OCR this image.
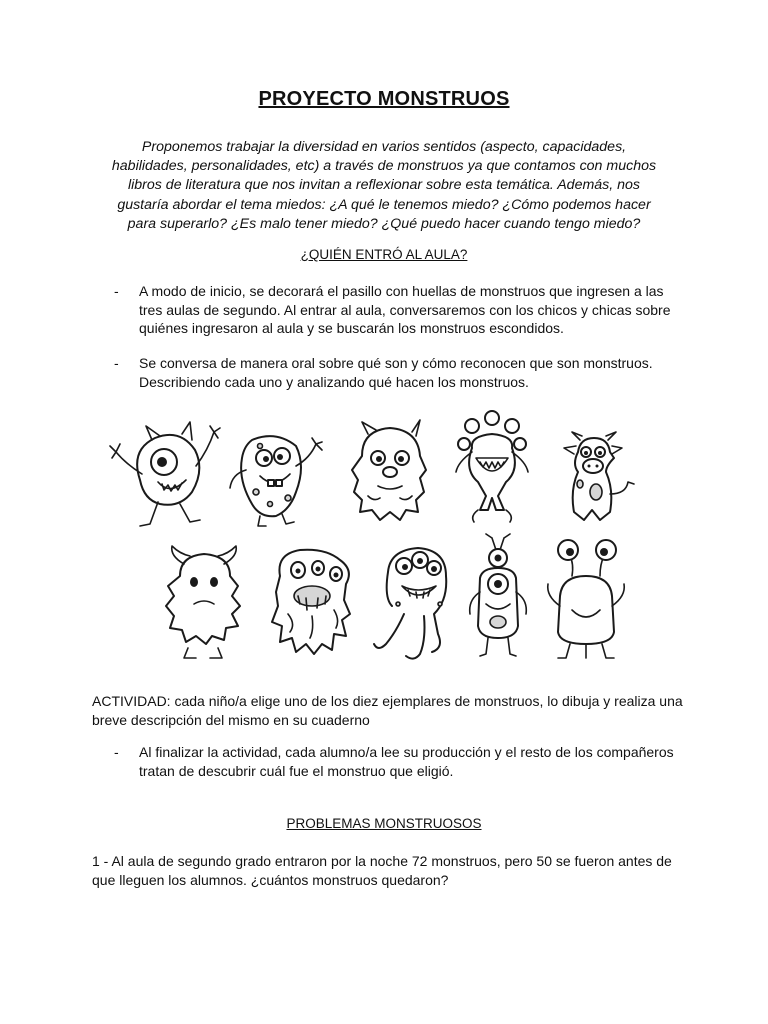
PROYECTO MONSTRUOS
Proponemos trabajar la diversidad en varios sentidos (aspecto, capacidades, habilidades, personalidades, etc) a través de monstruos ya que contamos con muchos libros de literatura que nos invitan a reflexionar sobre esta temática. Además, nos gustaría abordar el tema miedos: ¿A qué le tenemos miedo? ¿Cómo podemos hacer para superarlo? ¿Es malo tener miedo? ¿Qué puedo hacer cuando tengo miedo?
¿QUIÉN ENTRÓ AL AULA?
- A modo de inicio, se decorará el pasillo con huellas de monstruos que ingresen a las tres aulas de segundo. Al entrar al aula, conversaremos con los chicos y chicas sobre quiénes ingresaron al aula y se buscarán los monstruos escondidos.
- Se conversa de manera oral sobre qué son y cómo reconocen que son monstruos. Describiendo cada uno y analizando qué hacen los monstruos.
ACTIVIDAD: cada niño/a elige uno de los diez ejemplares de monstruos, lo dibuja y realiza una breve descripción del mismo en su cuaderno
- Al finalizar la actividad, cada alumno/a lee su producción y el resto de los compañeros tratan de descubrir cuál fue el monstruo que eligió.
PROBLEMAS MONSTRUOSOS
1 - Al aula de segundo grado entraron por la noche 72 monstruos, pero 50 se fueron antes de que lleguen los alumnos. ¿cuántos monstruos quedaron?
